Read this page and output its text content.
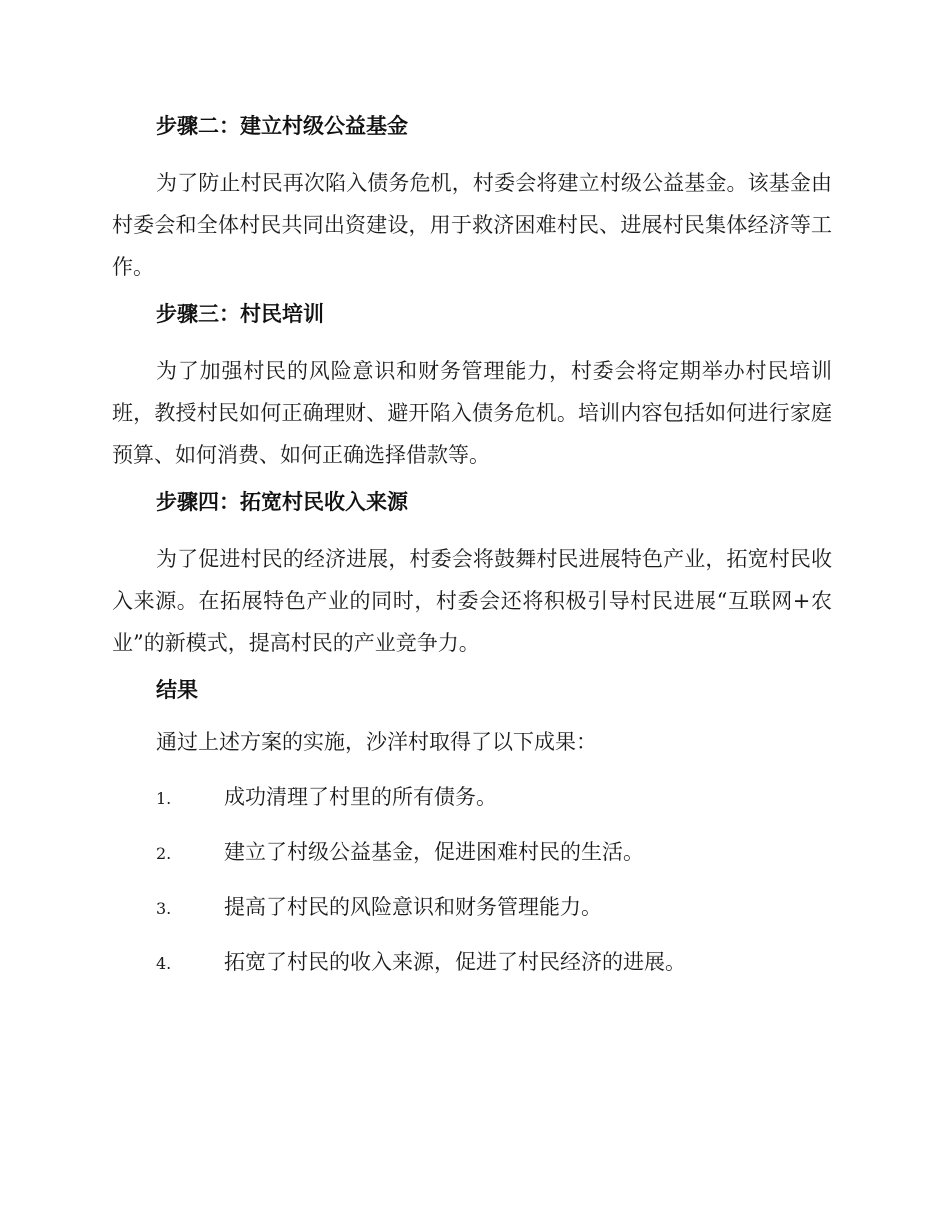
步骤二：建立村级公益基金

为了防止村民再次陷入债务危机，村委会将建立村级公益基金。该基金由村委会和全体村民共同出资建设，用于救济困难村民、进展村民集体经济等工作。

步骤三：村民培训

为了加强村民的风险意识和财务管理能力，村委会将定期举办村民培训班，教授村民如何正确理财、避开陷入债务危机。培训内容包括如何进行家庭预算、如何消费、如何正确选择借款等。

步骤四：拓宽村民收入来源

为了促进村民的经济进展，村委会将鼓舞村民进展特色产业，拓宽村民收入来源。在拓展特色产业的同时，村委会还将积极引导村民进展“互联网+农业”的新模式，提高村民的产业竞争力。

结果

通过上述方案的实施，沙洋村取得了以下成果：

1.	成功清理了村里的所有债务。
2.	建立了村级公益基金，促进困难村民的生活。
3.	提高了村民的风险意识和财务管理能力。
4.	拓宽了村民的收入来源，促进了村民经济的进展。
